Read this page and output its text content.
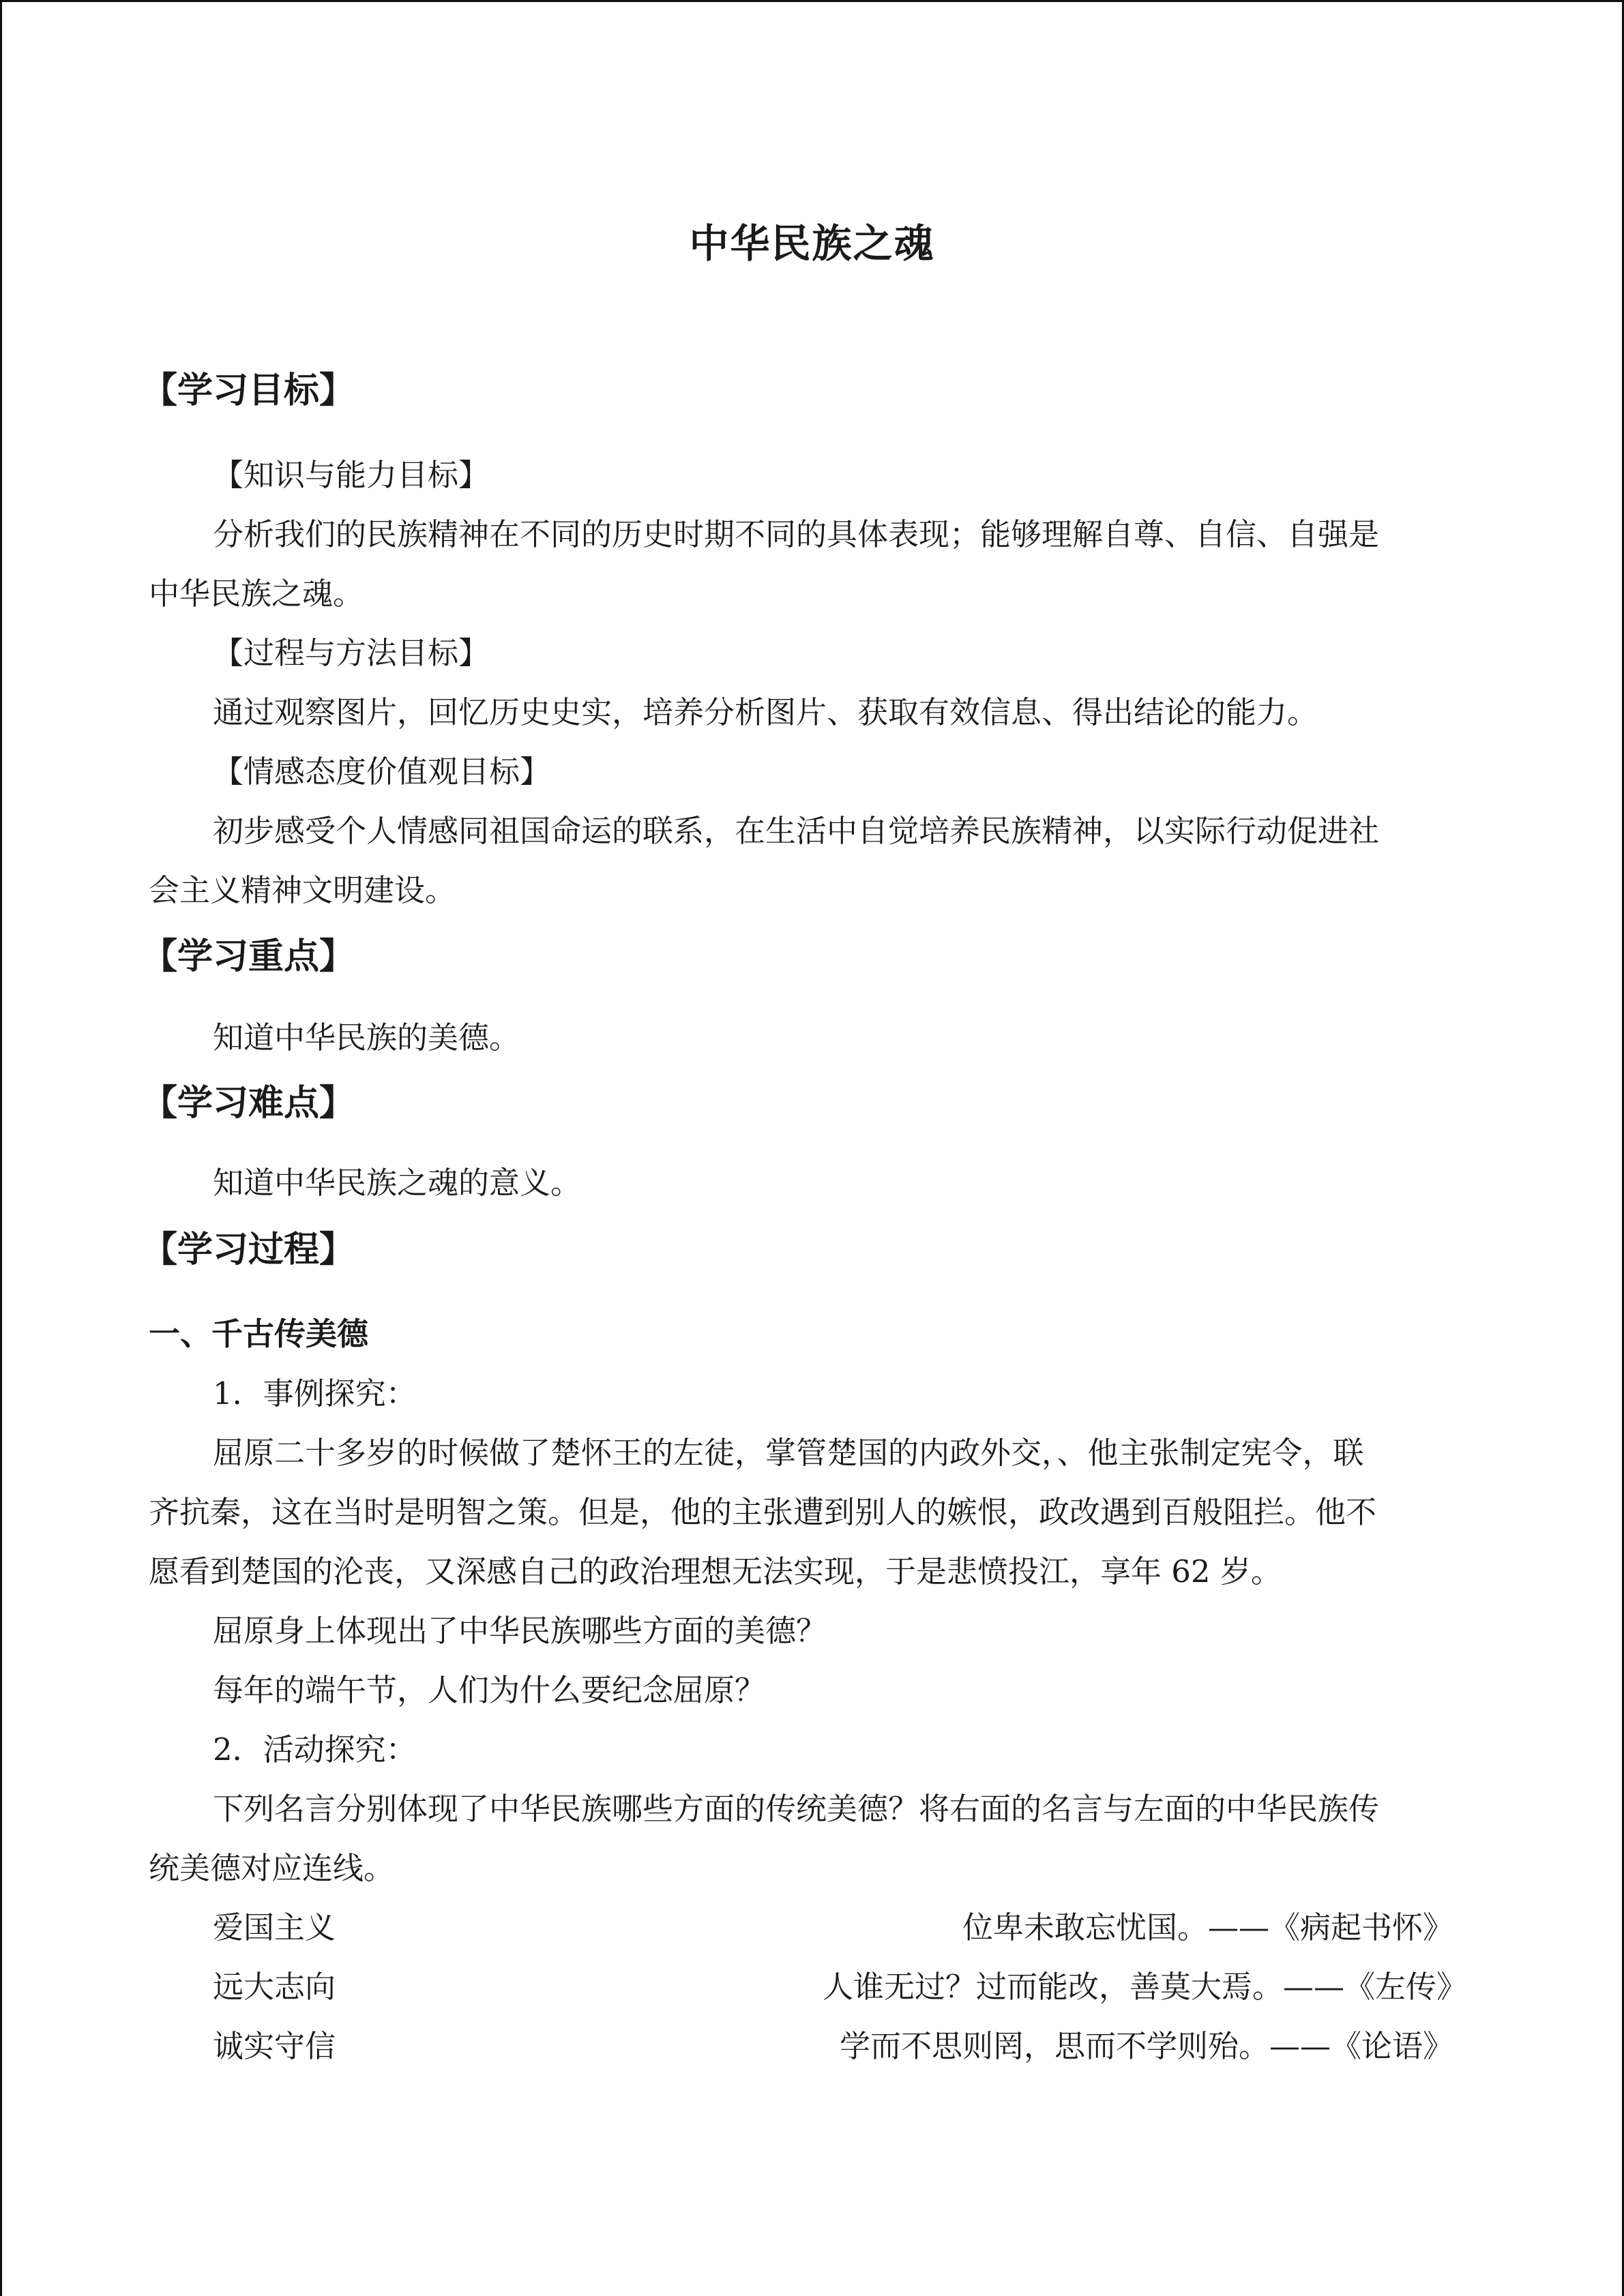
中华民族之魂
【学习目标】
【知识与能力目标】
分析我们的民族精神在不同的历史时期不同的具体表现；能够理解自尊、自信、自强是
中华民族之魂。
【过程与方法目标】
通过观察图片，回忆历史史实，培养分析图片、获取有效信息、得出结论的能力。
【情感态度价值观目标】
初步感受个人情感同祖国命运的联系，在生活中自觉培养民族精神，以实际行动促进社
会主义精神文明建设。
【学习重点】
知道中华民族的美德。
【学习难点】
知道中华民族之魂的意义。
【学习过程】
一、千古传美德
1．事例探究：
屈原二十多岁的时候做了楚怀王的左徒，掌管楚国的内政外交，、他主张制定宪令，联
齐抗秦，这在当时是明智之策。但是，他的主张遭到别人的嫉恨，政改遇到百般阻拦。他不
愿看到楚国的沦丧，又深感自己的政治理想无法实现，于是悲愤投江，享年 62 岁。
屈原身上体现出了中华民族哪些方面的美德？
每年的端午节，人们为什么要纪念屈原？
2．活动探究：
下列名言分别体现了中华民族哪些方面的传统美德？将右面的名言与左面的中华民族传
统美德对应连线。
爱国主义	位卑未敢忘忧国。——《病起书怀》
远大志向	人谁无过？过而能改，善莫大焉。——《左传》
诚实守信	学而不思则罔，思而不学则殆。——《论语》
